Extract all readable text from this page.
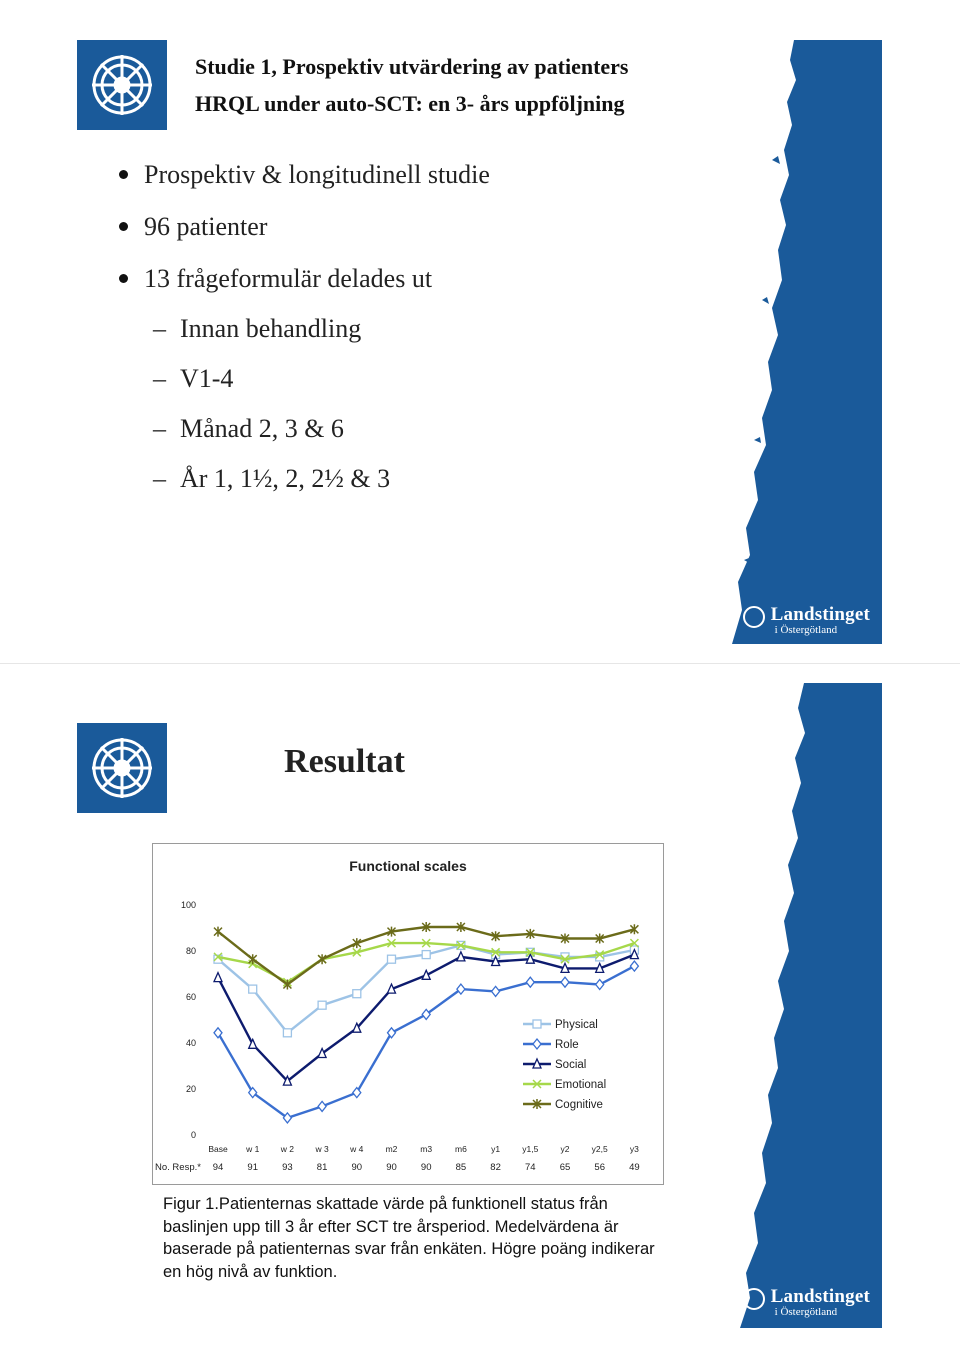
Studie 1, Prospektiv utvärdering av patienters
HRQL under auto-SCT: en 3- års uppföljning
Prospektiv & longitudinell studie
96 patienter
13 frågeformulär delades ut
– Innan behandling
– V1-4
– Månad 2, 3 & 6
– År 1, 1½, 2, 2½ & 3
Landstinget
i Östergötland
Resultat
Functional scales
0
20
40
60
80
100
Base w 1	w 2	w 3	w 4	m2	m3	m6	y1	y1,5	y2	y2,5	y3
No. Resp.* 94	91	93	81	90	90	90	85	82	74	65	56	49
Physical
Role
Social
Emotional
Cognitive
Figur 1.Patienternas skattade värde på funktionell status från
baslinjen upp till 3 år efter SCT tre årsperiod. Medelvärdena är
baserade på patienternas svar från enkäten. Högre poäng indikerar
en hög nivå av funktion.
Landstinget
i Östergötland
